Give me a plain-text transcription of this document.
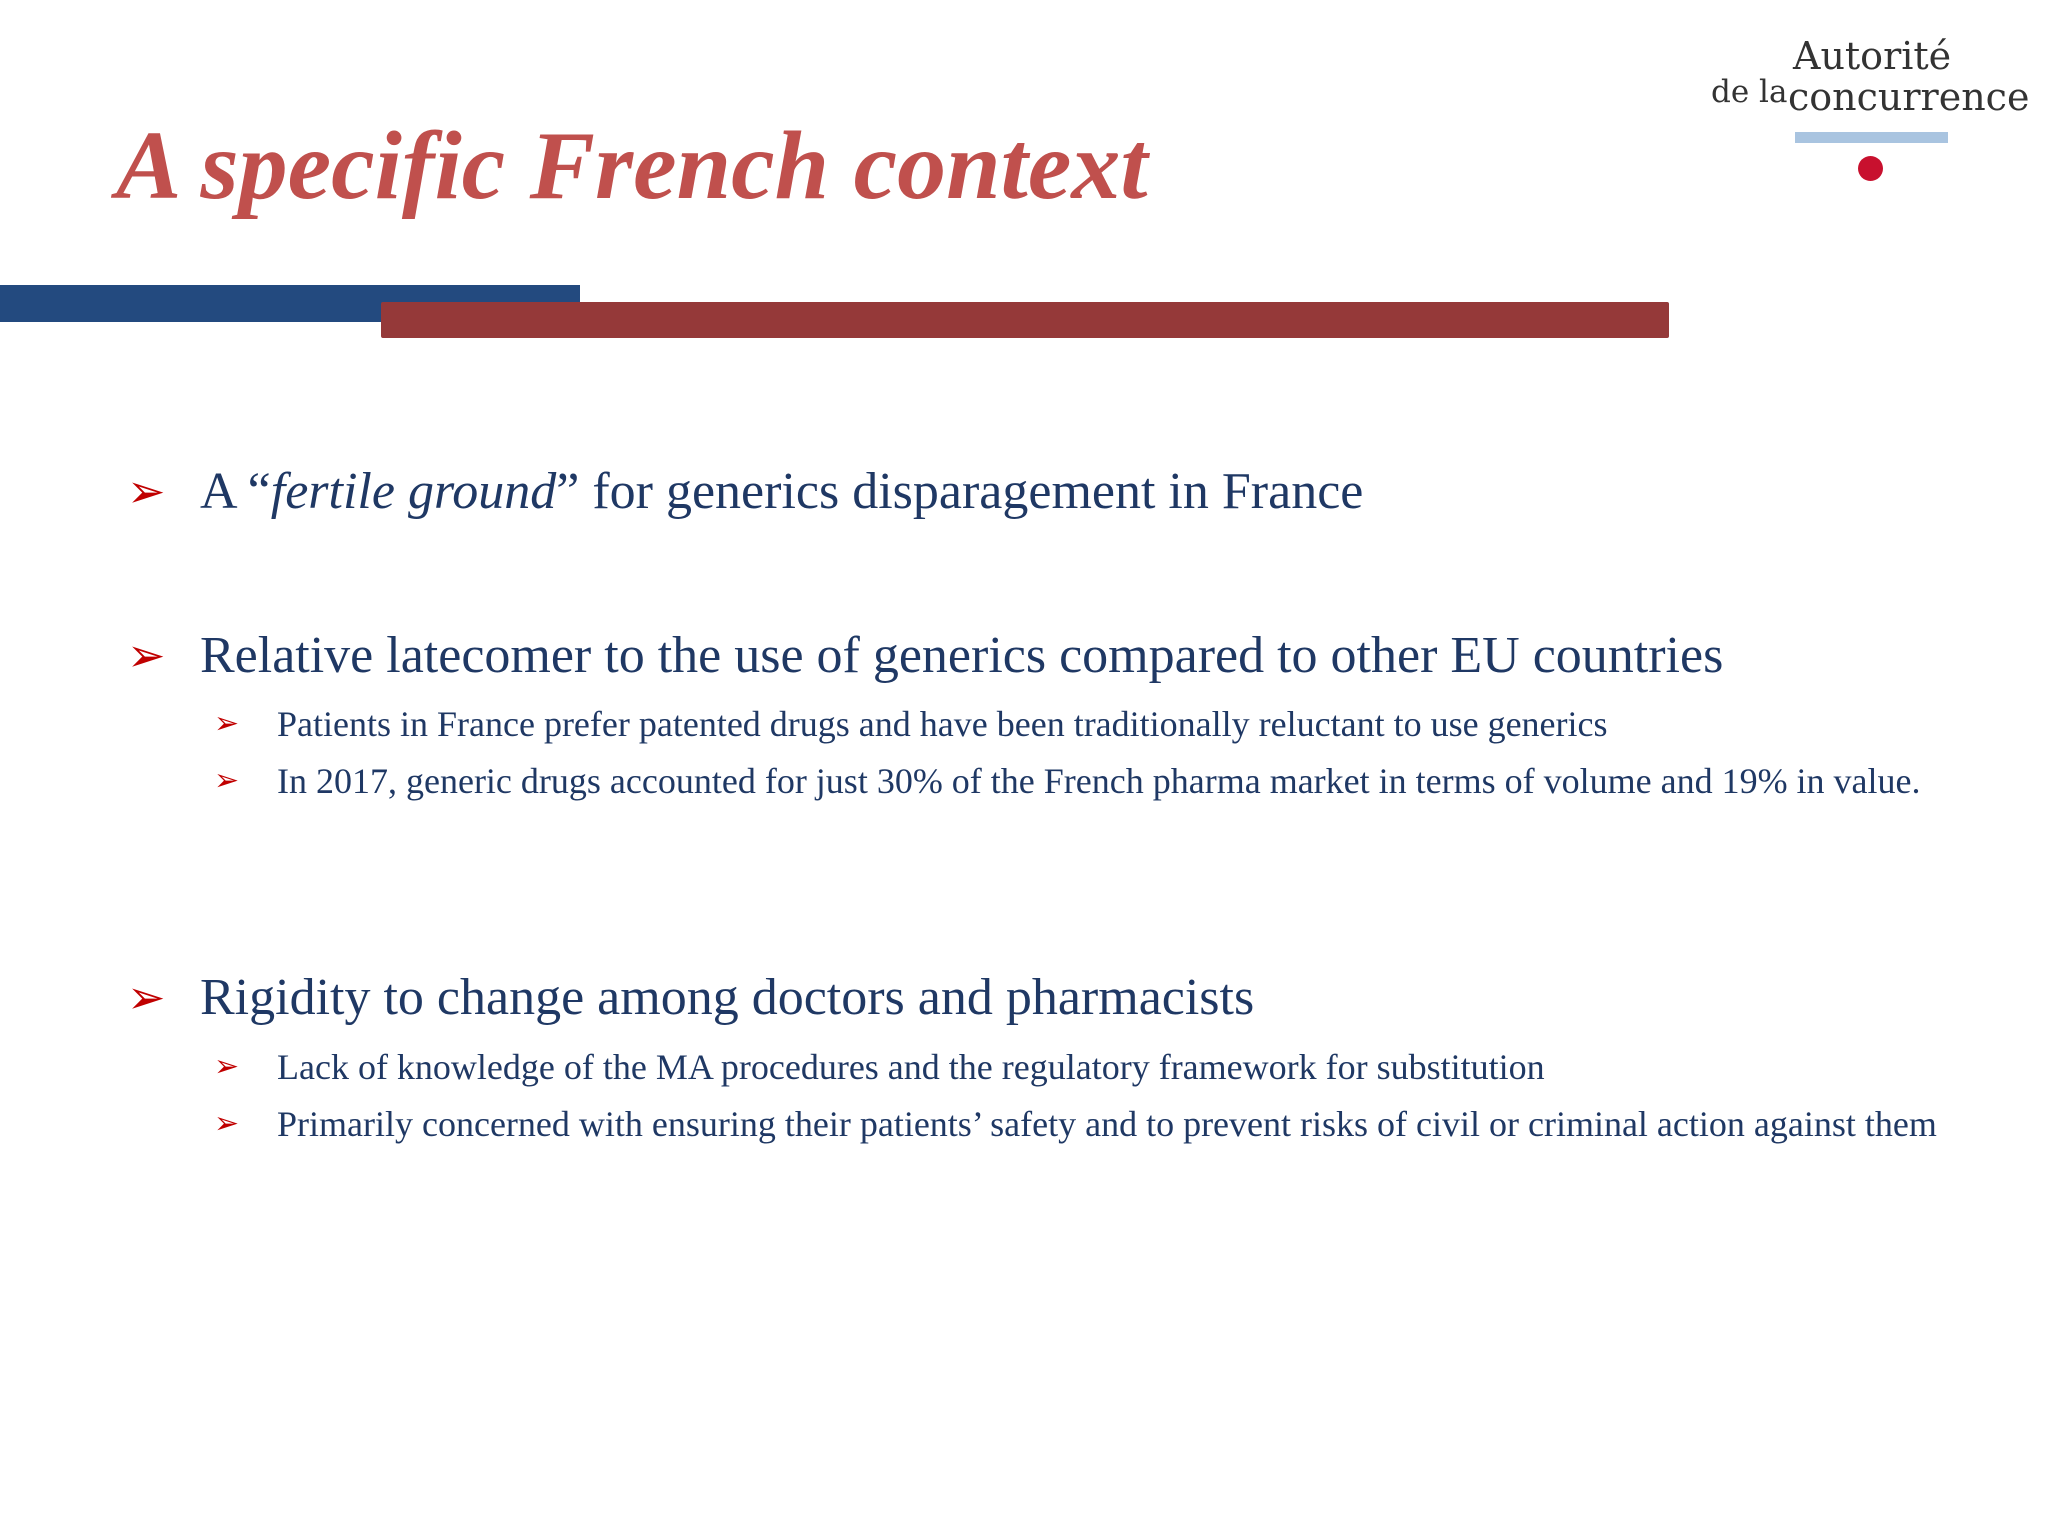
A specific French context
Autorité
de la concurrence
➢ A “fertile ground” for generics disparagement in France
➢ Relative latecomer to the use of generics compared to other EU countries
➢ Patients in France prefer patented drugs and have been traditionally reluctant to use generics
➢ In 2017, generic drugs accounted for just 30% of the French pharma market in terms of volume and 19% in value.
➢ Rigidity to change among doctors and pharmacists
➢ Lack of knowledge of the MA procedures and the regulatory framework for substitution
➢ Primarily concerned with ensuring their patients’ safety and to prevent risks of civil or criminal action against them
